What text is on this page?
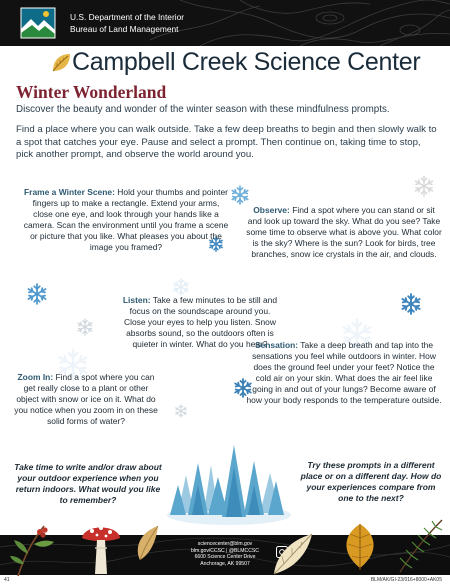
U.S. Department of the Interior
Bureau of Land Management
Campbell Creek Science Center
Winter Wonderland
Discover the beauty and wonder of the winter season with these mindfulness prompts.
Find a place where you can walk outside. Take a few deep breaths to begin and then slowly walk to a spot that catches your eye. Pause and select a prompt. Then continue on, taking time to stop, pick another prompt, and observe the world around you.
Frame a Winter Scene: Hold your thumbs and pointer fingers up to make a rectangle. Extend your arms, close one eye, and look through your hands like a camera. Scan the environment until you frame a scene or picture that you like. What pleases you about the image you framed?
Observe: Find a spot where you can stand or sit and look up toward the sky. What do you see? Take some time to observe what is above you. What color is the sky? Where is the sun? Look for birds, tree branches, snow ice crystals in the air, and clouds.
Listen: Take a few minutes to be still and focus on the soundscape around you. Close your eyes to help you listen. Snow absorbs sound, so the outdoors often is quieter in winter. What do you hear?
Sensation: Take a deep breath and tap into the sensations you feel while outdoors in winter. How does the ground feel under your feet? Notice the cold air on your skin. What does the air feel like going in and out of your lungs? Become aware of how your body responds to the temperature outside.
Zoom In: Find a spot where you can get really close to a plant or other object with snow or ice on it. What do you notice when you zoom in on these solid forms of water?
Take time to write and/or draw about your outdoor experience when you return indoors. What would you like to remember?
Try these prompts in a different place or on a different day. How do your experiences compare from one to the next?
sciencecenter@blm.gov
blm.gov/CCSC | @BLMCCSC
6600 Science Center Drive
Anchorage, AK 99507
41	BLM/AK/GI-23/016+8000+AK05
